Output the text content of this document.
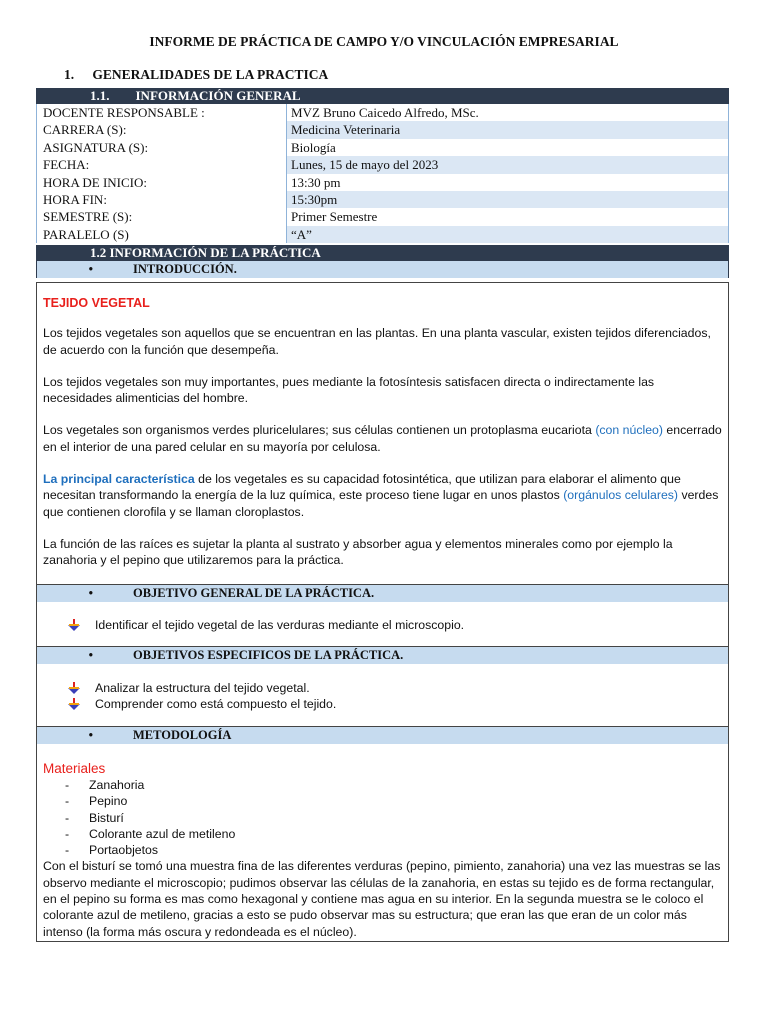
INFORME DE PRÁCTICA DE CAMPO Y/O VINCULACIÓN EMPRESARIAL
1. GENERALIDADES DE LA PRACTICA
1.1.        INFORMACIÓN GENERAL
DOCENTE RESPONSABLE :	MVZ Bruno Caicedo Alfredo, MSc.
CARRERA (S):	Medicina Veterinaria
ASIGNATURA (S):	Biología
FECHA:	Lunes, 15 de mayo del 2023
HORA DE INICIO:	13:30 pm
HORA FIN:	15:30pm
SEMESTRE (S):	Primer Semestre
PARALELO (S)	“A”
1.2 INFORMACIÓN DE LA PRÁCTICA
•	INTRODUCCIÓN.
TEJIDO VEGETAL

Los tejidos vegetales son aquellos que se encuentran en las plantas. En una planta vascular, existen tejidos diferenciados, de acuerdo con la función que desempeña.

Los tejidos vegetales son muy importantes, pues mediante la fotosíntesis satisfacen directa o indirectamente las necesidades alimenticias del hombre.

Los vegetales son organismos verdes pluricelulares; sus células contienen un protoplasma eucariota (con núcleo) encerrado en el interior de una pared celular en su mayoría por celulosa.

La principal característica de los vegetales es su capacidad fotosintética, que utilizan para elaborar el alimento que necesitan transformando la energía de la luz química, este proceso tiene lugar en unos plastos (orgánulos celulares) verdes que contienen clorofila y se llaman cloroplastos.

La función de las raíces es sujetar la planta al sustrato y absorber agua y elementos minerales como por ejemplo la zanahoria y el pepino que utilizaremos para la práctica.

•	OBJETIVO GENERAL DE LA PRÁCTICA.
Identificar el tejido vegetal de las verduras mediante el microscopio.
•	OBJETIVOS ESPECIFICOS DE LA PRÁCTICA.
Analizar la estructura del tejido vegetal.
Comprender como está compuesto el tejido.
•	METODOLOGÍA
Materiales
-	Zanahoria
-	Pepino
-	Bisturí
-	Colorante azul de metileno
-	Portaobjetos

Con el bisturí se tomó una muestra fina de las diferentes verduras (pepino, pimiento, zanahoria) una vez las muestras se las observo mediante el microscopio; pudimos observar las células de la zanahoria, en estas su tejido es de forma rectangular, en el pepino su forma es mas como hexagonal y contiene mas agua en su interior. En la segunda muestra se le coloco el colorante azul de metileno, gracias a esto se pudo observar mas su estructura; que eran las que eran de un color más intenso (la forma más oscura y redondeada es el núcleo).
